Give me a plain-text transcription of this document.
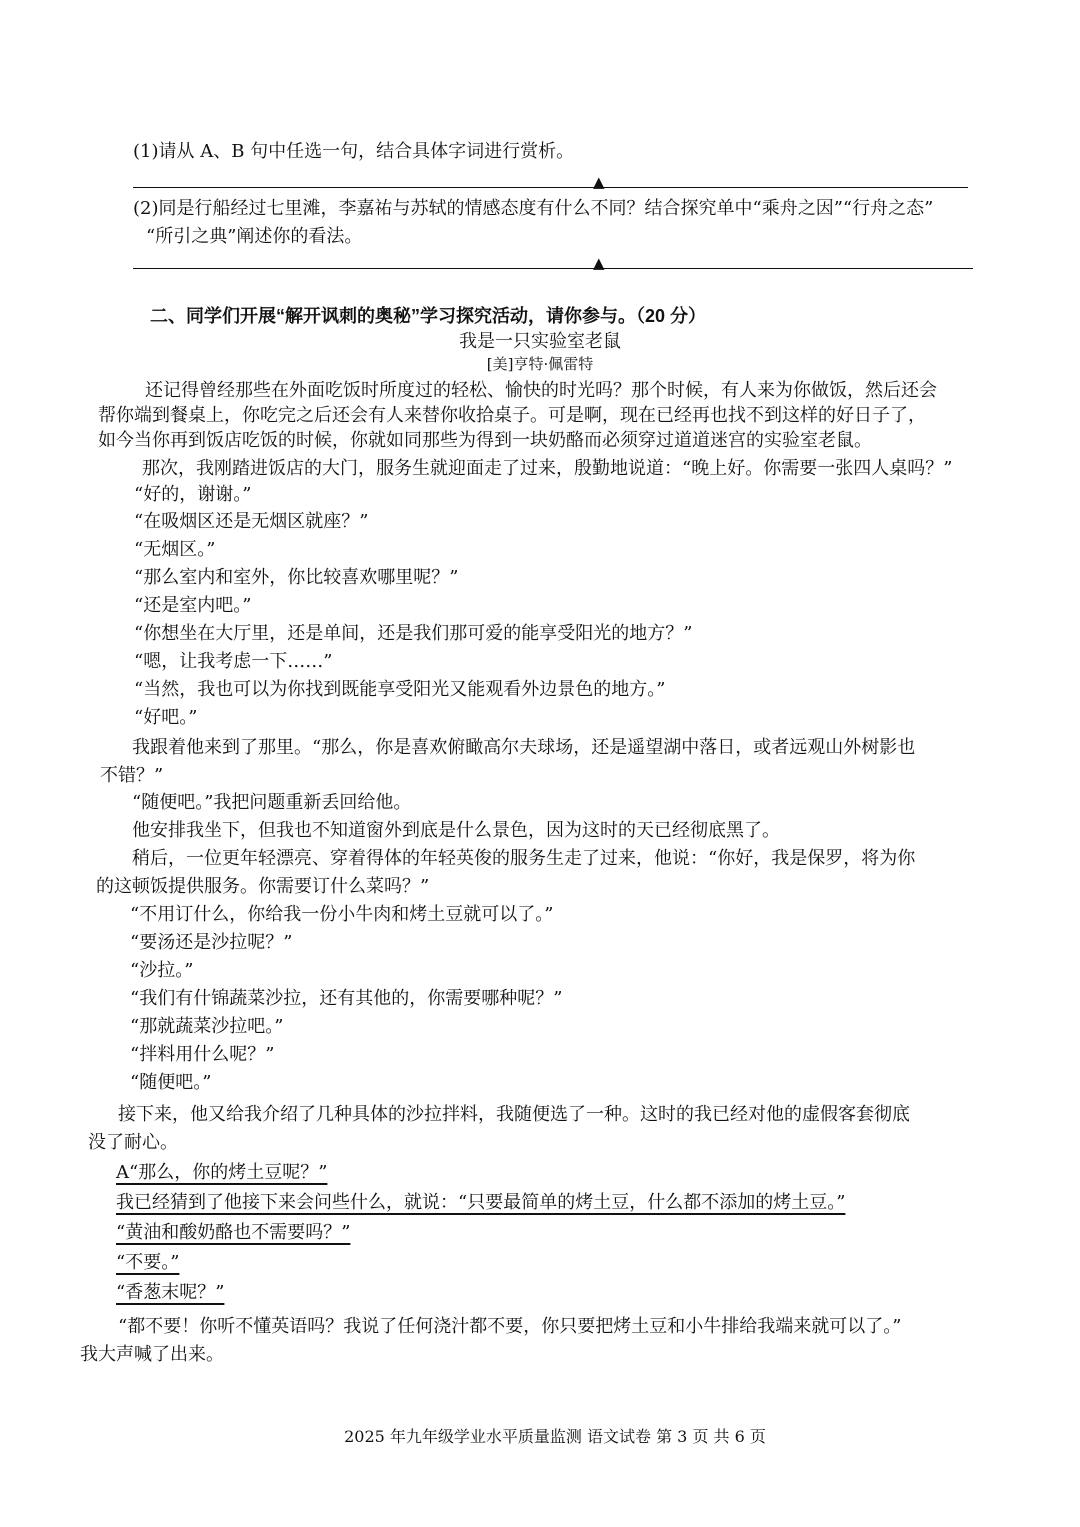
(1)请从 A、B 句中任选一句，结合具体字词进行赏析。
▲
(2)同是行船经过七里滩，李嘉祐与苏轼的情感态度有什么不同？结合探究单中“乘舟之因”“行舟之态”
“所引之典”阐述你的看法。
▲
二、同学们开展“解开讽刺的奥秘”学习探究活动，请你参与。（20 分）
我是一只实验室老鼠
[美]亨特·佩雷特
还记得曾经那些在外面吃饭时所度过的轻松、愉快的时光吗？那个时候，有人来为你做饭，然后还会
帮你端到餐桌上，你吃完之后还会有人来替你收拾桌子。可是啊，现在已经再也找不到这样的好日子了，
如今当你再到饭店吃饭的时候，你就如同那些为得到一块奶酪而必须穿过道道迷宫的实验室老鼠。
那次，我刚踏进饭店的大门，服务生就迎面走了过来，殷勤地说道：“晚上好。你需要一张四人桌吗？”
“好的，谢谢。”
“在吸烟区还是无烟区就座？”
“无烟区。”
“那么室内和室外，你比较喜欢哪里呢？”
“还是室内吧。”
“你想坐在大厅里，还是单间，还是我们那可爱的能享受阳光的地方？”
“嗯，让我考虑一下……”
“当然，我也可以为你找到既能享受阳光又能观看外边景色的地方。”
“好吧。”
我跟着他来到了那里。“那么，你是喜欢俯瞰高尔夫球场，还是遥望湖中落日，或者远观山外树影也
不错？”
“随便吧。”我把问题重新丢回给他。
他安排我坐下，但我也不知道窗外到底是什么景色，因为这时的天已经彻底黑了。
稍后，一位更年轻漂亮、穿着得体的年轻英俊的服务生走了过来，他说：“你好，我是保罗，将为你
的这顿饭提供服务。你需要订什么菜吗？”
“不用订什么，你给我一份小牛肉和烤土豆就可以了。”
“要汤还是沙拉呢？”
“沙拉。”
“我们有什锦蔬菜沙拉，还有其他的，你需要哪种呢？”
“那就蔬菜沙拉吧。”
“拌料用什么呢？”
“随便吧。”
接下来，他又给我介绍了几种具体的沙拉拌料，我随便选了一种。这时的我已经对他的虚假客套彻底
没了耐心。
A“那么，你的烤土豆呢？”
我已经猜到了他接下来会问些什么，就说：“只要最简单的烤土豆，什么都不添加的烤土豆。”
“黄油和酸奶酪也不需要吗？”
“不要。”
“香葱末呢？”
“都不要！你听不懂英语吗？我说了任何浇汁都不要，你只要把烤土豆和小牛排给我端来就可以了。”
我大声喊了出来。
2025 年九年级学业水平质量监测 语文试卷 第 3 页 共 6 页
